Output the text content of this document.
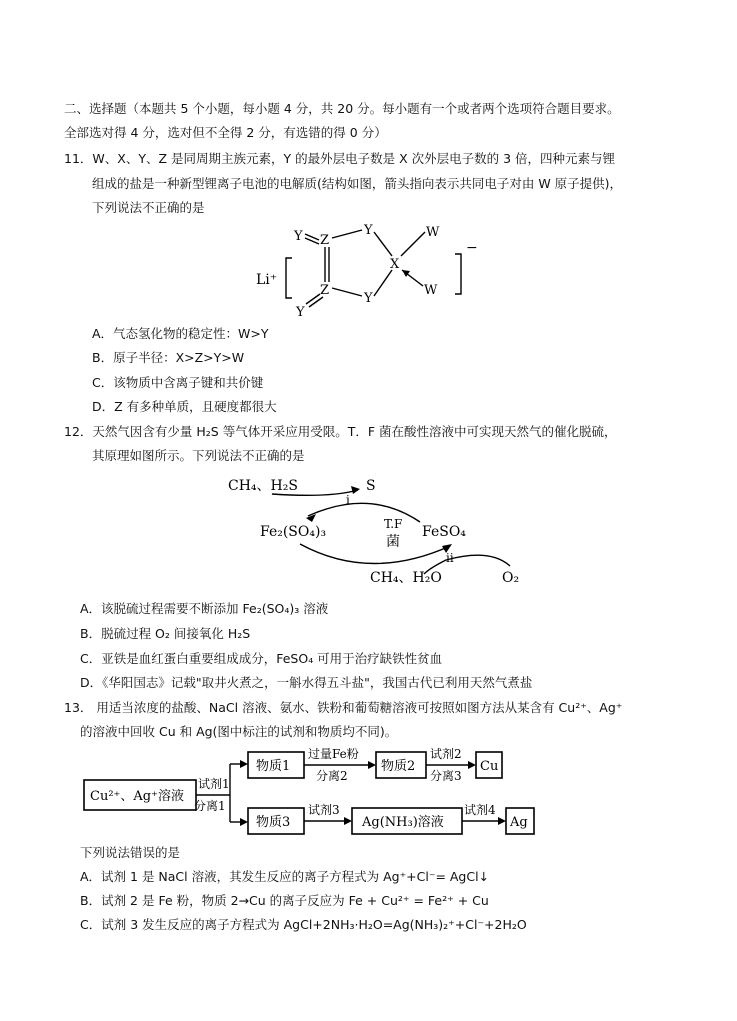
二、选择题（本题共 5 个小题，每小题 4 分，共 20 分。每小题有一个或者两个选项符合题目要求。
全部选对得 4 分，选对但不全得 2 分，有选错的得 0 分）
11．W、X、Y、Z 是同周期主族元素，Y 的最外层电子数是 X 次外层电子数的 3 倍，四种元素与锂
组成的盐是一种新型锂离子电池的电解质(结构如图，箭头指向表示共同电子对由 W 原子提供)，
下列说法不正确的是
Li⁺
−
Y Z
Y
X
W
W
Z
Y
Y
A．气态氢化物的稳定性：W>Y
B．原子半径：X>Z>Y>W
C．该物质中含离子键和共价键
D．Z 有多种单质，且硬度都很大
12．天然气因含有少量 H₂S 等气体开采应用受限。T．F 菌在酸性溶液中可实现天然气的催化脱硫，
其原理如图所示。下列说法不正确的是
CH₄、H₂S	S
i
Fe₂(SO₄)₃	FeSO₄
T.F
菌
ii
CH₄、H₂O	O₂
A．该脱硫过程需要不断添加 Fe₂(SO₄)₃ 溶液
B．脱硫过程 O₂ 间接氧化 H₂S
C．亚铁是血红蛋白重要组成成分，FeSO₄ 可用于治疗缺铁性贫血
D．《华阳国志》记载"取井火煮之，一斛水得五斗盐"，我国古代已利用天然气煮盐
13． 用适当浓度的盐酸、NaCl 溶液、氨水、铁粉和葡萄糖溶液可按照如图方法从某含有 Cu²⁺、Ag⁺
的溶液中回收 Cu 和 Ag(图中标注的试剂和物质均不同)。
Cu²⁺、Ag⁺溶液
试剂1
分离1
物质1
过量Fe粉
分离2
物质2
试剂2
分离3
Cu
物质3
试剂3
Ag(NH₃)溶液
试剂4
Ag
下列说法错误的是
A．试剂 1 是 NaCl 溶液，其发生反应的离子方程式为 Ag⁺+Cl⁻= AgCl↓
B．试剂 2 是 Fe 粉，物质 2→Cu 的离子反应为 Fe + Cu²⁺ = Fe²⁺ + Cu
C．试剂 3 发生反应的离子方程式为 AgCl+2NH₃·H₂O=Ag(NH₃)₂⁺+Cl⁻+2H₂O
